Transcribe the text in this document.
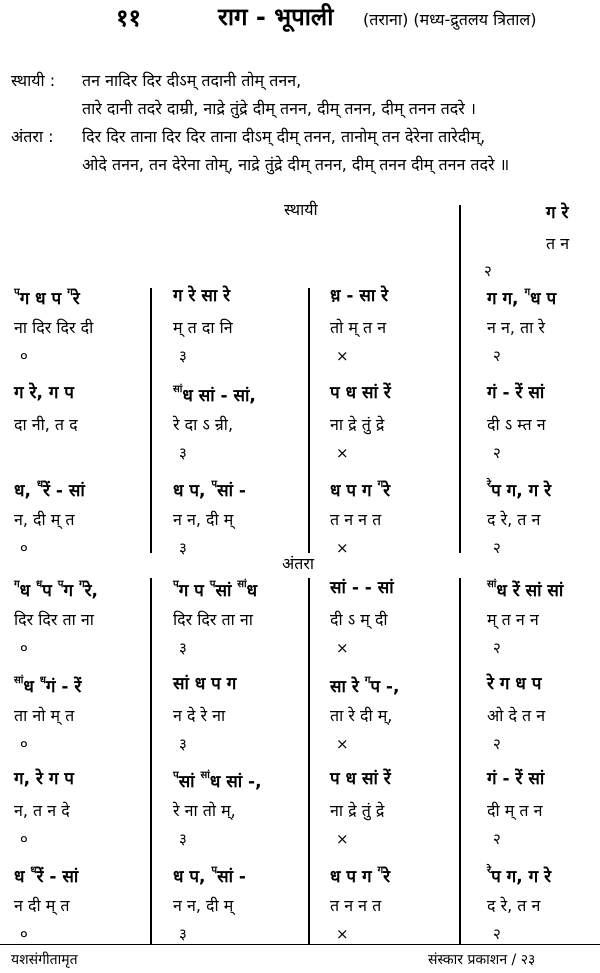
११	राग - भूपाली (तराना) (मध्य-द्रुतलय त्रिताल)
स्थायी : तन नादिर दिर दीऽम् तदानी तोम् तनन,
तारे दानी तदरे दाम्री, नाद्रे तुंद्रे दीम् तनन, दीम् तनन, दीम् तनन तदरे ।
अंतरा : दिर दिर ताना दिर दिर ताना दीऽम् दीम् तनन, तानोम् तन देरेना तारेदीम्,
ओदे तनन, तन देरेना तोम्, नाद्रे तुंद्रे दीम् तनन, दीम् तनन दीम् तनन तदरे ॥
स्थायी
अंतरा
ग रे
त न
२
$^प$ग ध प $^ग$रे
ना दिर दिर दी
०
ग रे सा रे
म् त दा नि
३
ध़ - सा रे
तो म् त न
×
ग ग, $^ग$ध प
न न, ता रे
२
ग रे, ग प
दा नी, त द
$^{सां}$ध सां - सां,
रे दा ऽ न्री,
३
प ध सां रें
ना द्रे तुं द्रे
×
गं - रें सां
दी ऽ म्त न
२
ध, $^ध$रें - सां
न, दी म् त
०
ध प, $^प$सां -
न न, दी म्
३
ध प ग $^ग$रे
त न न त
×
$^{रे}$प ग, ग रे
द रे, त न
२
$^ग$ध $^ध$प $^प$ग $^ग$रे,
दिर दिर ता ना
०
$^प$ग प $^प$सां $^{सां}$ध
दिर दिर ता ना
३
सां - - सां
दी ऽ म् दी
×
$^{सां}$ध रें सां सां
म् त न न
२
$^{सां}$ध $^ध$गं - रें
ता नो म् त
०
सां ध प ग
न दे रे ना
३
सा रे $^ग$प -,
ता रे दी म्,
×
रे ग ध प
ओ दे त न
२
ग, रे ग प
न, त न दे
०
$^प$सां $^{सां}$ध सां -,
रे ना तो म्,
३
प ध सां रें
ना द्रे तुं द्रे
×
गं - रें सां
दी म् त न
२
ध $^ध$रें - सां
न दी म् त
०
ध प, $^प$सां -
न न, दी म्
३
ध प ग $^ग$रे
त न न त
×
$^{रे}$प ग, ग रे
द रे, त न
२
यशसंगीतामृत	संस्कार प्रकाशन / २३
